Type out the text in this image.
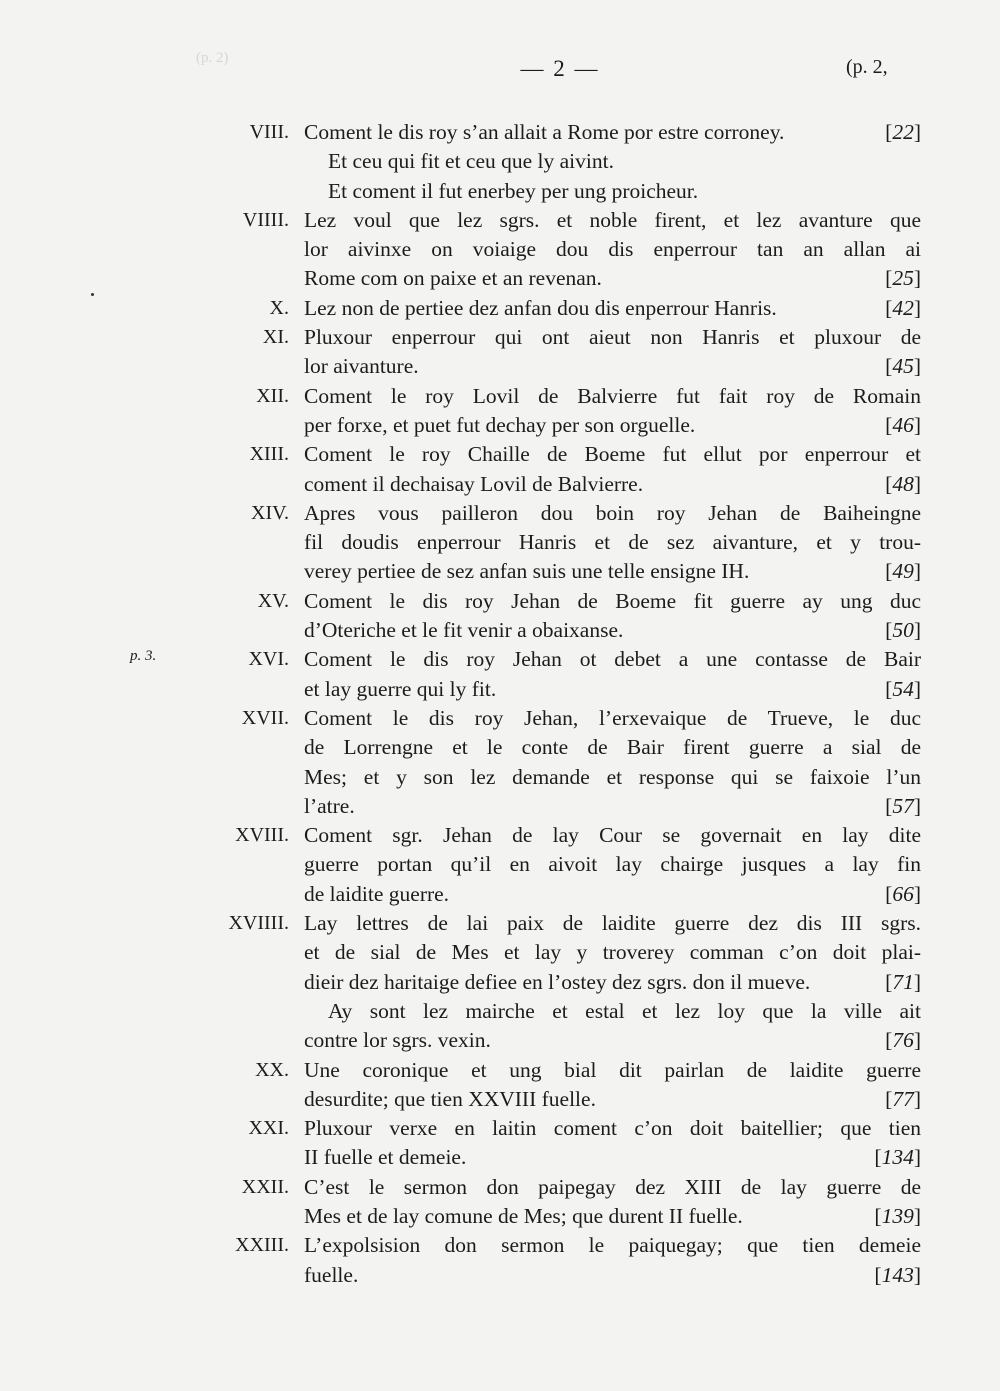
(p. 2)	— 2 —	(p. 2,
p. 3.
VIII. Coment le dis roy s’an allait a Rome por estre corroney.	[22]
Et ceu qui fit et ceu que ly aivint.
Et coment il fut enerbey per ung proicheur.
VIIII. Lez voul que lez sgrs. et noble firent, et lez avanture que
lor aivinxe on voiaige dou dis enperrour tan an allan ai
Rome com on paixe et an revenan.	[25]
X. Lez non de pertiee dez anfan dou dis enperrour Hanris.	[42]
XI. Pluxour enperrour qui ont aieut non Hanris et pluxour de
lor aivanture.	[45]
XII. Coment le roy Lovil de Balvierre fut fait roy de Romain
per forxe, et puet fut dechay per son orguelle.	[46]
XIII. Coment le roy Chaille de Boeme fut ellut por enperrour et
coment il dechaisay Lovil de Balvierre.	[48]
XIV. Apres vous pailleron dou boin roy Jehan de Baiheingne
fil doudis enperrour Hanris et de sez aivanture, et y trou-
verey pertiee de sez anfan suis une telle ensigne IH.	[49]
XV. Coment le dis roy Jehan de Boeme fit guerre ay ung duc
d’Oteriche et le fit venir a obaixanse.	[50]
XVI. Coment le dis roy Jehan ot debet a une contasse de Bair
et lay guerre qui ly fit.	[54]
XVII. Coment le dis roy Jehan, l’erxevaique de Trueve, le duc
de Lorrengne et le conte de Bair firent guerre a sial de
Mes; et y son lez demande et response qui se faixoie l’un
l’atre.	[57]
XVIII. Coment sgr. Jehan de lay Cour se governait en lay dite
guerre portan qu’il en aivoit lay chairge jusques a lay fin
de laidite guerre.	[66]
XVIIII. Lay lettres de lai paix de laidite guerre dez dis III sgrs.
et de sial de Mes et lay y troverey comman c’on doit plai-
dieir dez haritaige defiee en l’ostey dez sgrs. don il mueve.	[71]
Ay sont lez mairche et estal et lez loy que la ville ait
contre lor sgrs. vexin.	[76]
XX. Une coronique et ung bial dit pairlan de laidite guerre
desurdite; que tien XXVIII fuelle.	[77]
XXI. Pluxour verxe en laitin coment c’on doit baitellier; que tien
II fuelle et demeie.	[134]
XXII. C’est le sermon don paipegay dez XIII de lay guerre de
Mes et de lay comune de Mes; que durent II fuelle.	[139]
XXIII. L’expolsision don sermon le paiquegay; que tien demeie
fuelle.	[143]
